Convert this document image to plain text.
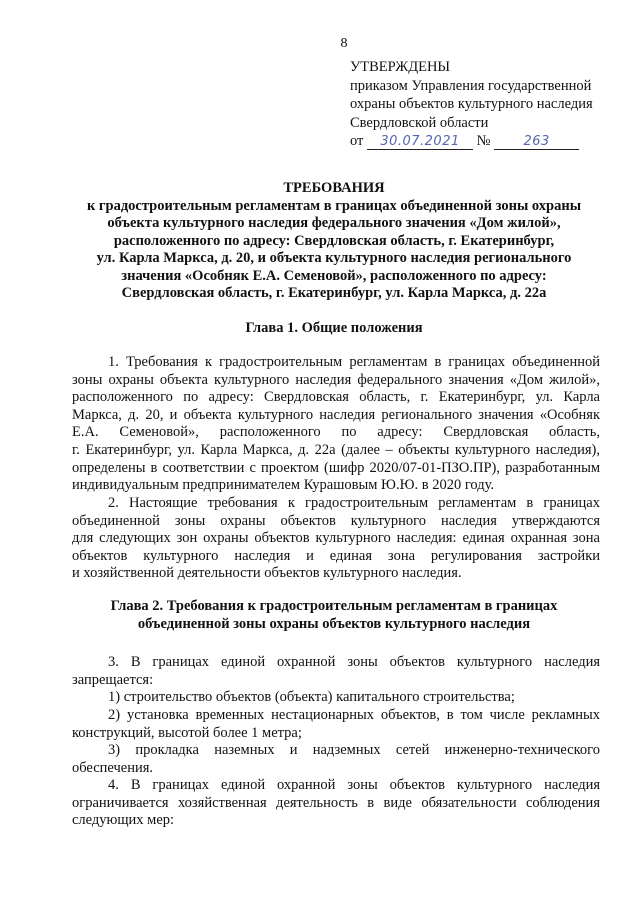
8
УТВЕРЖДЕНЫ
приказом Управления государственной
охраны объектов культурного наследия
Свердловской области
от 30.07.2021 №	263
ТРЕБОВАНИЯ
к градостроительным регламентам в границах объединенной зоны охраны
объекта культурного наследия федерального значения «Дом жилой»,
расположенного по адресу: Свердловская область, г. Екатеринбург,
ул. Карла Маркса, д. 20, и объекта культурного наследия регионального
значения «Особняк Е.А. Семеновой», расположенного по адресу:
Свердловская область, г. Екатеринбург, ул. Карла Маркса, д. 22а
Глава 1. Общие положения
1. Требования к градостроительным регламентам в границах объединенной
зоны охраны объекта культурного наследия федерального значения «Дом жилой»,
расположенного по адресу: Свердловская область, г. Екатеринбург, ул. Карла
Маркса, д. 20, и объекта культурного наследия регионального значения «Особняк
Е.А. Семеновой», расположенного по адресу: Свердловская область,
г. Екатеринбург, ул. Карла Маркса, д. 22а (далее – объекты культурного наследия),
определены в соответствии с проектом (шифр 2020/07-01-ПЗО.ПР), разработанным
индивидуальным предпринимателем Курашовым Ю.Ю. в 2020 году.
2. Настоящие требования к градостроительным регламентам в границах
объединенной зоны охраны объектов культурного наследия утверждаются
для следующих зон охраны объектов культурного наследия: единая охранная зона
объектов культурного наследия и единая зона регулирования застройки
и хозяйственной деятельности объектов культурного наследия.
Глава 2. Требования к градостроительным регламентам в границах
объединенной зоны охраны объектов культурного наследия
3. В границах единой охранной зоны объектов культурного наследия
запрещается:
1) строительство объектов (объекта) капитального строительства;
2) установка временных нестационарных объектов, в том числе рекламных
конструкций, высотой более 1 метра;
3) прокладка наземных и надземных сетей инженерно-технического
обеспечения.
4. В границах единой охранной зоны объектов культурного наследия
ограничивается хозяйственная деятельность в виде обязательности соблюдения
следующих мер:
